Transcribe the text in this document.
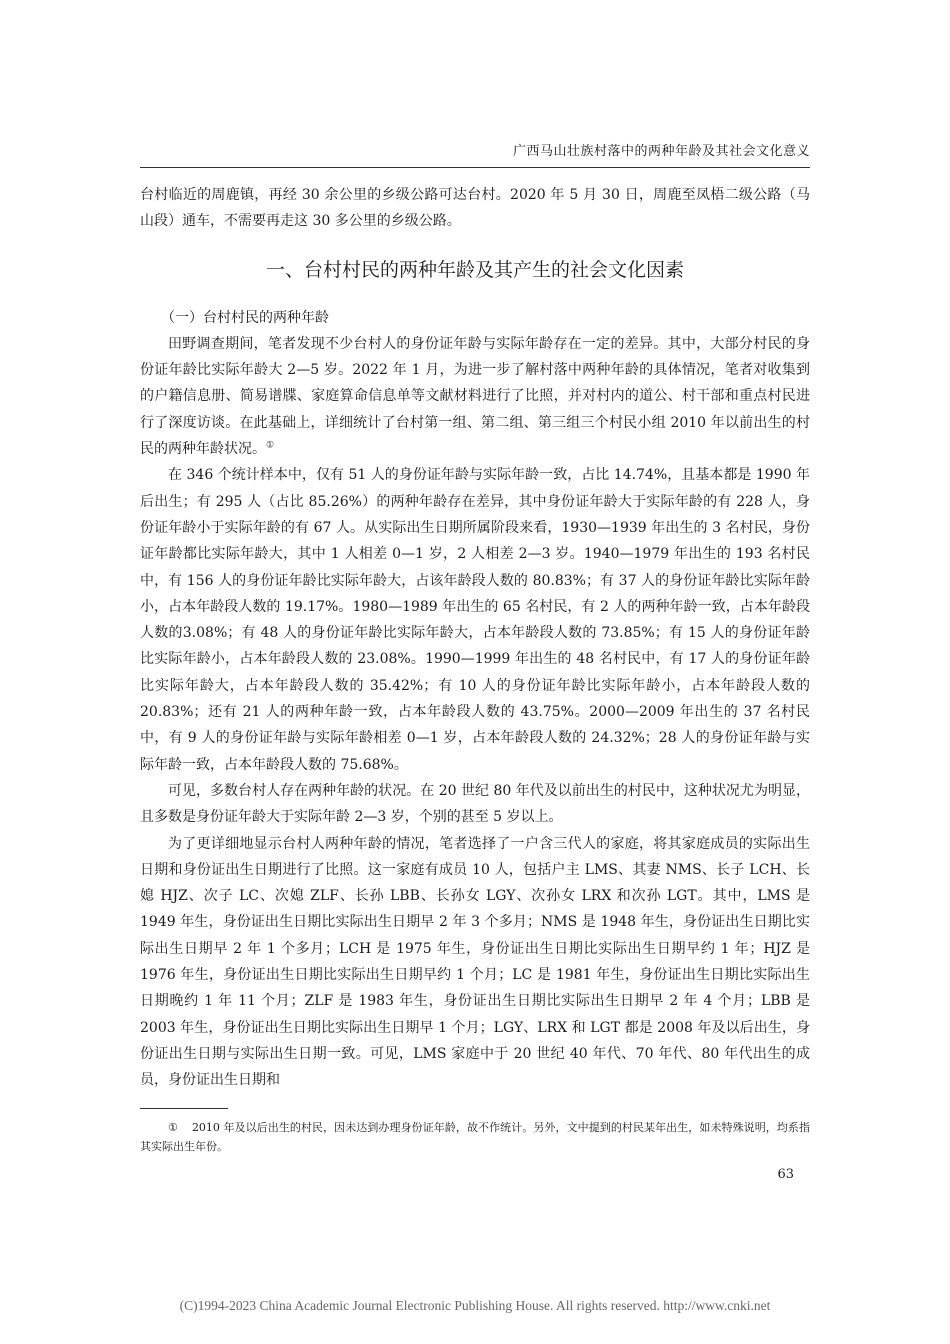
广西马山壮族村落中的两种年龄及其社会文化意义

台村临近的周鹿镇，再经 30 余公里的乡级公路可达台村。2020 年 5 月 30 日，周鹿至凤梧二级公路（马山段）通车，不需要再走这 30 多公里的乡级公路。

一、台村村民的两种年龄及其产生的社会文化因素

（一）台村村民的两种年龄

田野调查期间，笔者发现不少台村人的身份证年龄与实际年龄存在一定的差异。其中，大部分村民的身份证年龄比实际年龄大 2—5 岁。2022 年 1 月，为进一步了解村落中两种年龄的具体情况，笔者对收集到的户籍信息册、简易谱牒、家庭算命信息单等文献材料进行了比照，并对村内的道公、村干部和重点村民进行了深度访谈。在此基础上，详细统计了台村第一组、第二组、第三组三个村民小组 2010 年以前出生的村民的两种年龄状况。①

在 346 个统计样本中，仅有 51 人的身份证年龄与实际年龄一致，占比 14.74%，且基本都是 1990 年后出生；有 295 人（占比 85.26%）的两种年龄存在差异，其中身份证年龄大于实际年龄的有 228 人，身份证年龄小于实际年龄的有 67 人。从实际出生日期所属阶段来看，1930—1939 年出生的 3 名村民，身份证年龄都比实际年龄大，其中 1 人相差 0—1 岁，2 人相差 2—3 岁。1940—1979 年出生的 193 名村民中，有 156 人的身份证年龄比实际年龄大，占该年龄段人数的 80.83%；有 37 人的身份证年龄比实际年龄小，占本年龄段人数的 19.17%。1980—1989 年出生的 65 名村民，有 2 人的两种年龄一致，占本年龄段人数的3.08%；有 48 人的身份证年龄比实际年龄大，占本年龄段人数的 73.85%；有 15 人的身份证年龄比实际年龄小，占本年龄段人数的 23.08%。1990—1999 年出生的 48 名村民中，有 17 人的身份证年龄比实际年龄大，占本年龄段人数的 35.42%；有 10 人的身份证年龄比实际年龄小，占本年龄段人数的 20.83%；还有 21 人的两种年龄一致，占本年龄段人数的 43.75%。2000—2009 年出生的 37 名村民中，有 9 人的身份证年龄与实际年龄相差 0—1 岁，占本年龄段人数的 24.32%；28 人的身份证年龄与实际年龄一致，占本年龄段人数的 75.68%。

可见，多数台村人存在两种年龄的状况。在 20 世纪 80 年代及以前出生的村民中，这种状况尤为明显，且多数是身份证年龄大于实际年龄 2—3 岁，个别的甚至 5 岁以上。

为了更详细地显示台村人两种年龄的情况，笔者选择了一户含三代人的家庭，将其家庭成员的实际出生日期和身份证出生日期进行了比照。这一家庭有成员 10 人，包括户主 LMS、其妻 NMS、长子 LCH、长媳 HJZ、次子 LC、次媳 ZLF、长孙 LBB、长孙女 LGY、次孙女 LRX 和次孙 LGT。其中，LMS 是 1949 年生，身份证出生日期比实际出生日期早 2 年 3 个多月；NMS 是 1948 年生，身份证出生日期比实际出生日期早 2 年 1 个多月；LCH 是 1975 年生，身份证出生日期比实际出生日期早约 1 年；HJZ 是 1976 年生，身份证出生日期比实际出生日期早约 1 个月；LC 是 1981 年生，身份证出生日期比实际出生日期晚约 1 年 11 个月；ZLF 是 1983 年生，身份证出生日期比实际出生日期早 2 年 4 个月；LBB 是 2003 年生，身份证出生日期比实际出生日期早 1 个月；LGY、LRX 和 LGT 都是 2008 年及以后出生，身份证出生日期与实际出生日期一致。可见，LMS 家庭中于 20 世纪 40 年代、70 年代、80 年代出生的成员，身份证出生日期和

① 2010 年及以后出生的村民，因未达到办理身份证年龄，故不作统计。另外，文中提到的村民某年出生，如未特殊说明，均系指其实际出生年份。
63
(C)1994-2023 China Academic Journal Electronic Publishing House. All rights reserved. http://www.cnki.net
